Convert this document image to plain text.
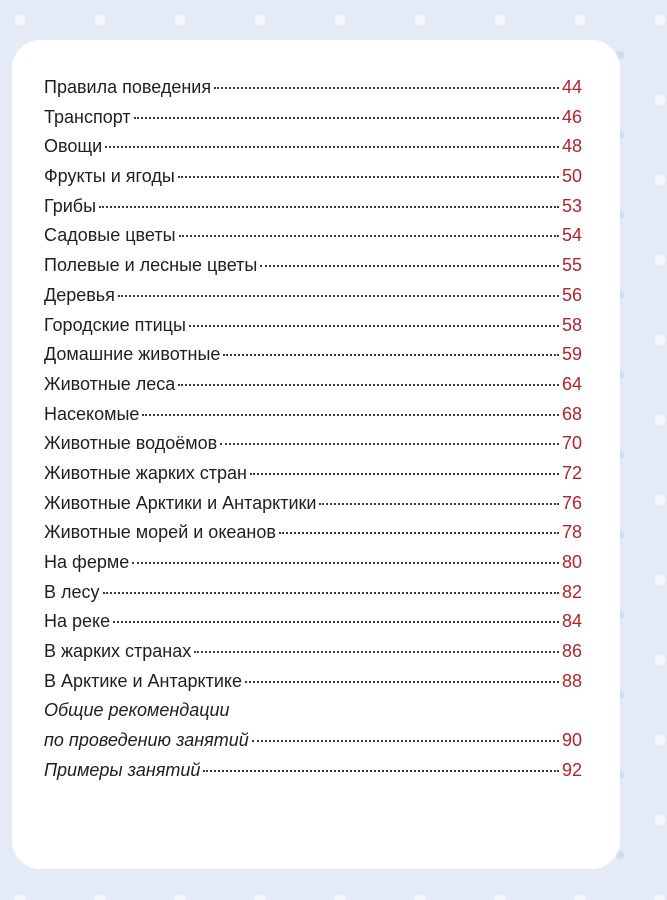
Правила поведения	44
Транспорт	46
Овощи	48
Фрукты и ягоды	50
Грибы	53
Садовые цветы	54
Полевые и лесные цветы	55
Деревья	56
Городские птицы	58
Домашние животные	59
Животные леса	64
Насекомые	68
Животные водоёмов	70
Животные жарких стран	72
Животные Арктики и Антарктики	76
Животные морей и океанов	78
На ферме	80
В лесу	82
На реке	84
В жарких странах	86
В Арктике и Антарктике	88
Общие рекомендации
по проведению занятий	90
Примеры занятий	92
